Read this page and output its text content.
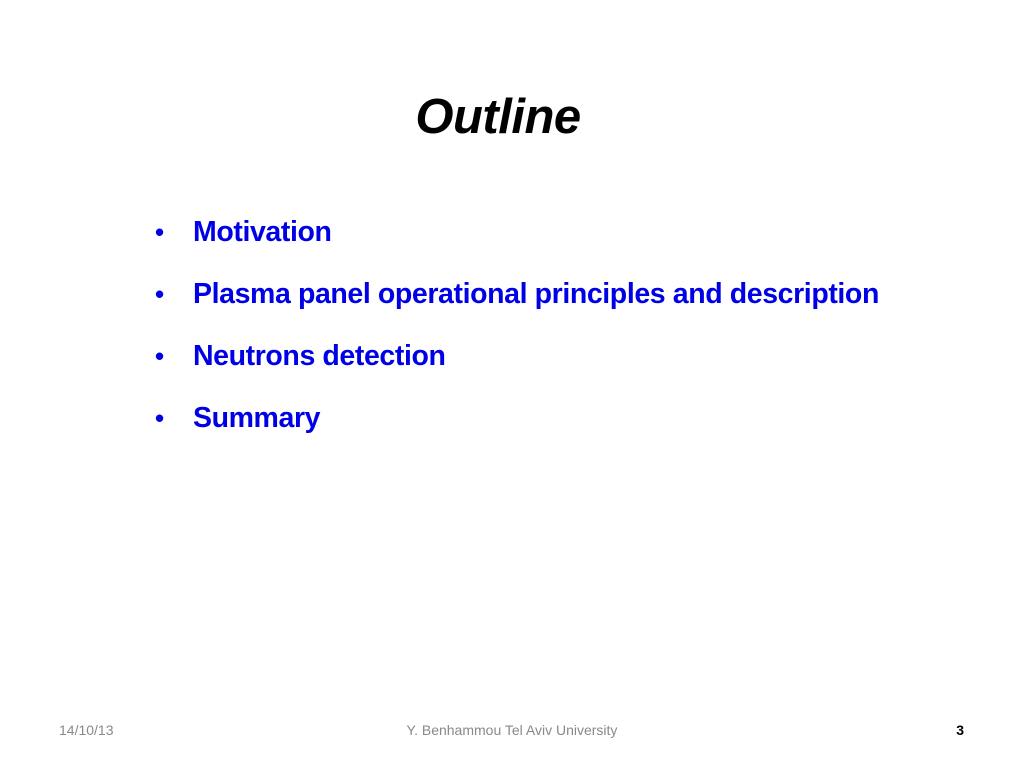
Outline
•	Motivation
•	Plasma panel operational principles and description
•	Neutrons detection
•	Summary
14/10/13	Y. Benhammou Tel Aviv University	3
